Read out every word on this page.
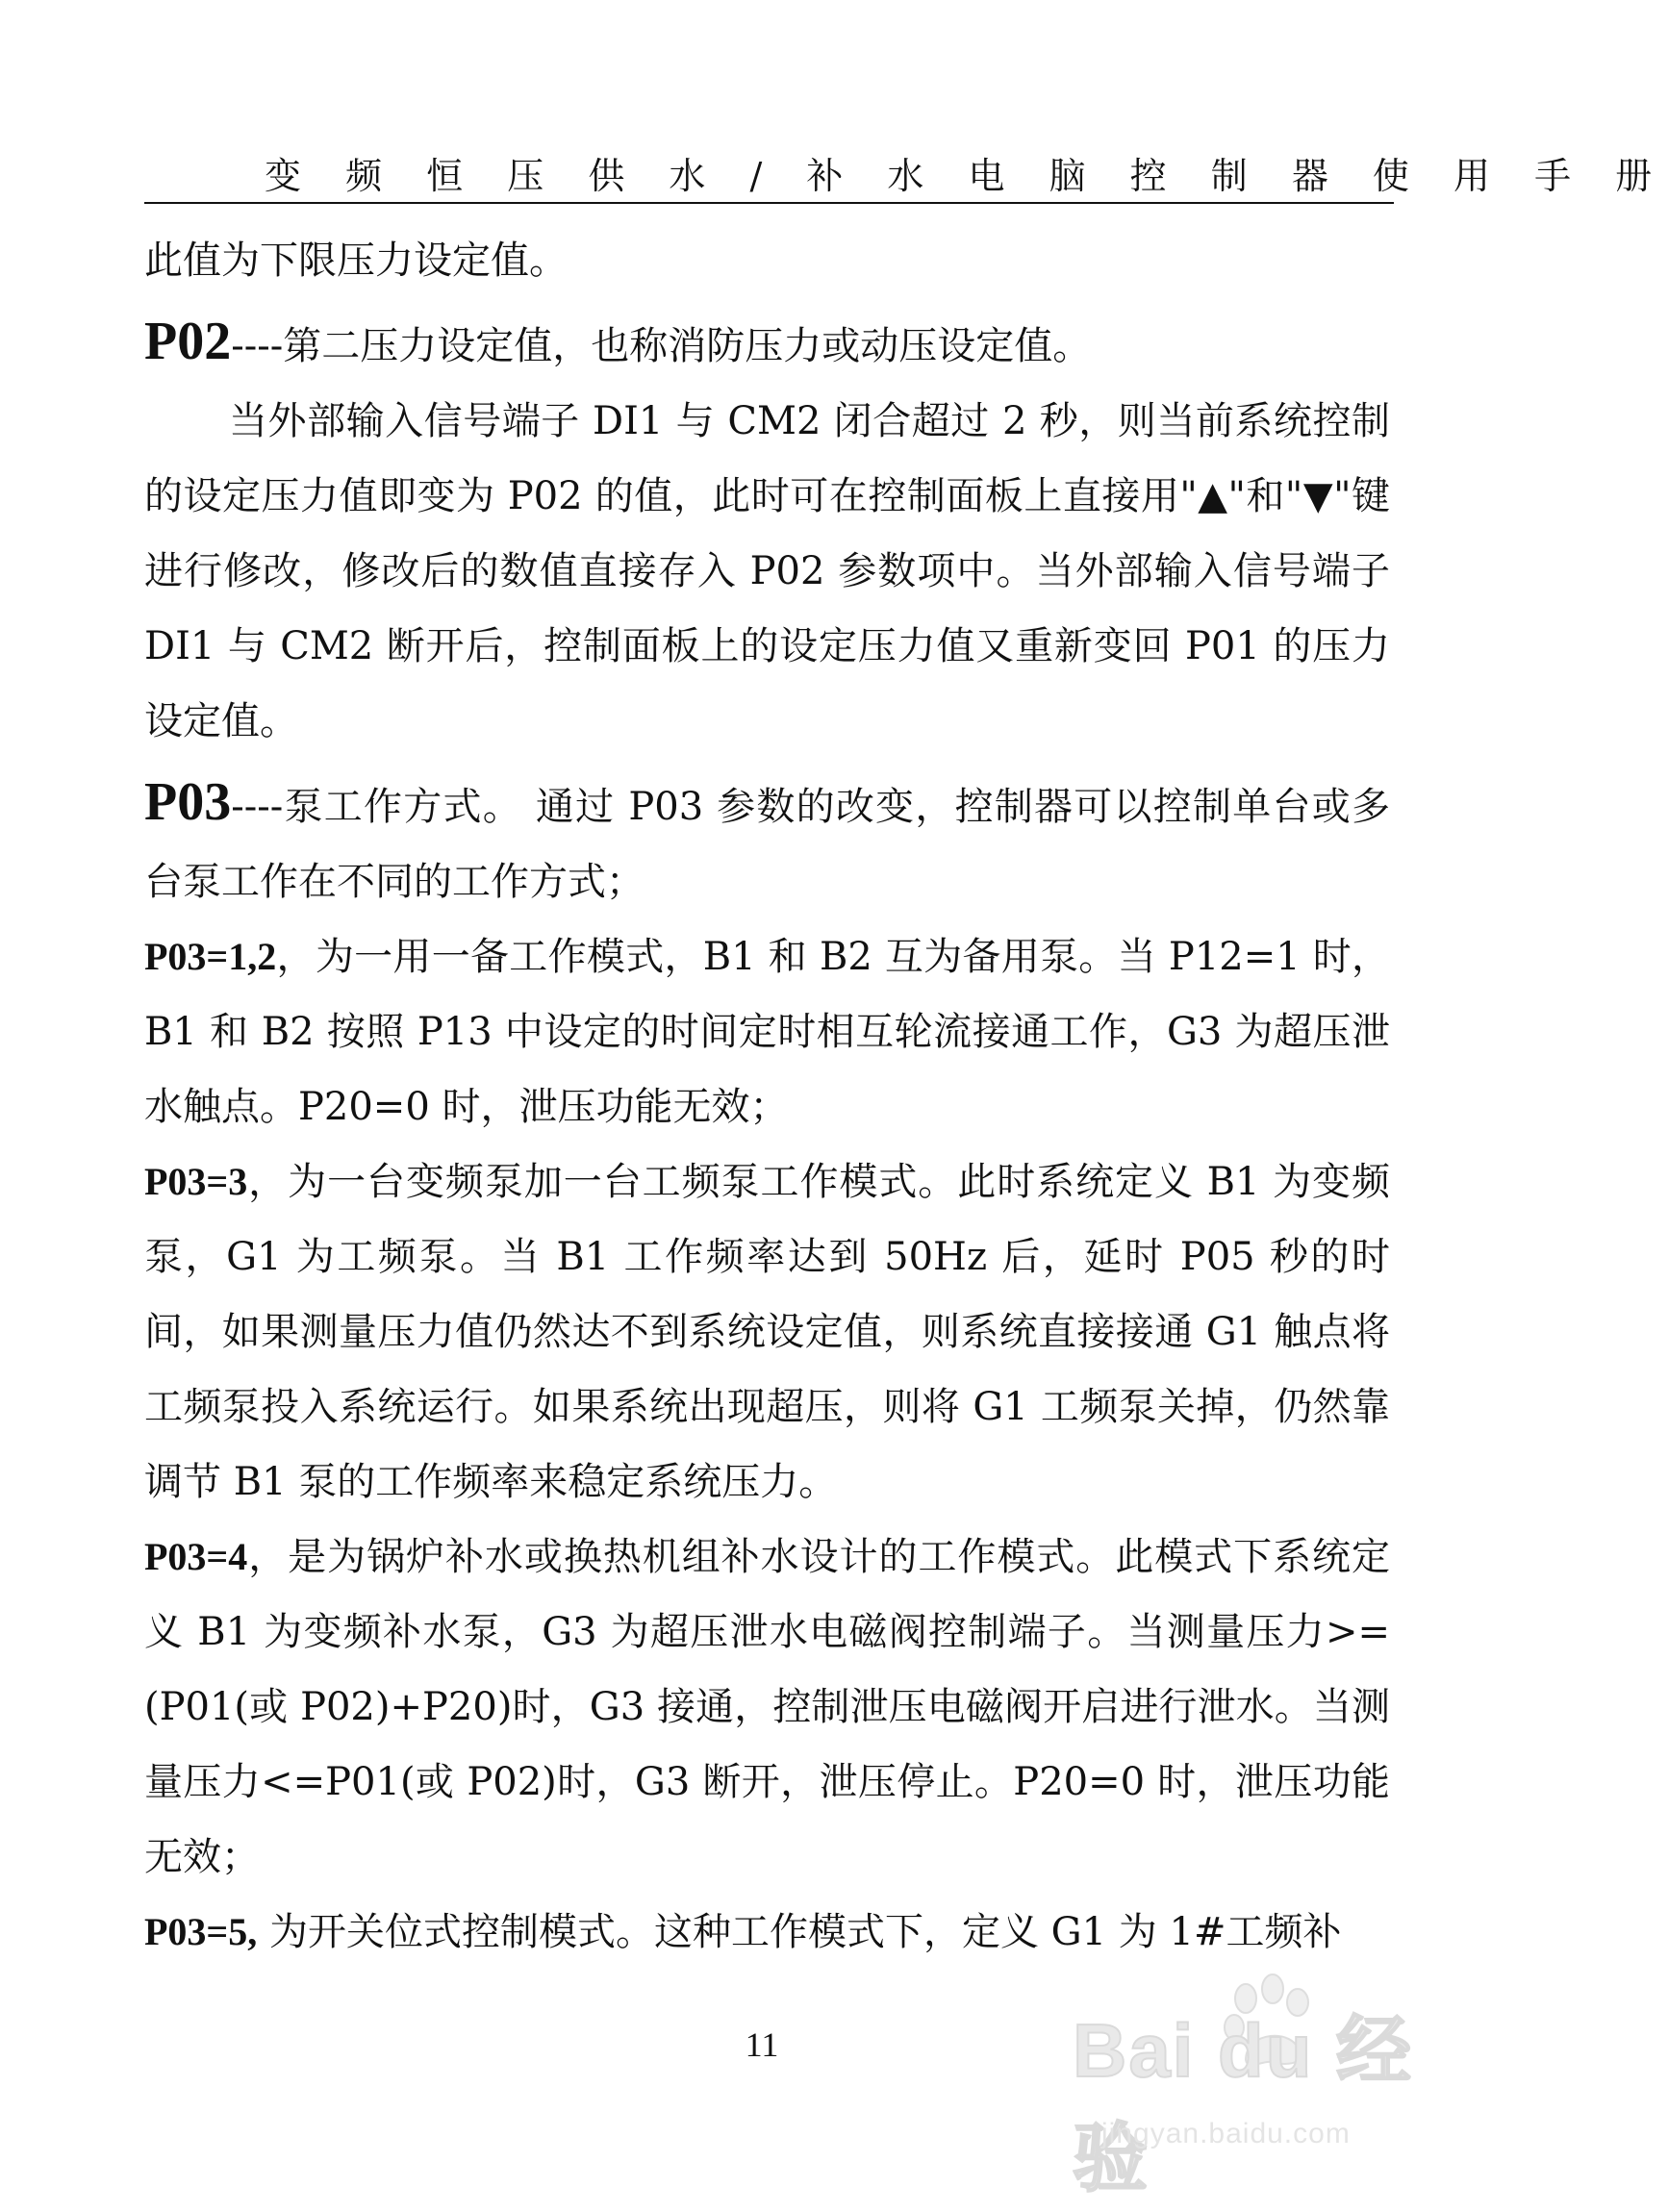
变 频 恒 压 供 水 / 补 水 电 脑 控 制 器 使 用 手 册

此值为下限压力设定值。

P02----第二压力设定值，也称消防压力或动压设定值。

当外部输入信号端子 DI1 与 CM2 闭合超过 2 秒，则当前系统控制的设定压力值即变为 P02 的值，此时可在控制面板上直接用"▲"和"▼"键进行修改，修改后的数值直接存入 P02 参数项中。当外部输入信号端子 DI1 与 CM2 断开后，控制面板上的设定压力值又重新变回 P01 的压力设定值。

P03----泵工作方式。 通过 P03 参数的改变，控制器可以控制单台或多台泵工作在不同的工作方式；

P03=1,2，为一用一备工作模式，B1 和 B2 互为备用泵。当 P12=1 时，B1 和 B2 按照 P13 中设定的时间定时相互轮流接通工作，G3 为超压泄水触点。P20=0 时，泄压功能无效；

P03=3，为一台变频泵加一台工频泵工作模式。此时系统定义 B1 为变频泵，G1 为工频泵。当 B1 工作频率达到 50Hz 后，延时 P05 秒的时间，如果测量压力值仍然达不到系统设定值，则系统直接接通 G1 触点将工频泵投入系统运行。如果系统出现超压，则将 G1 工频泵关掉，仍然靠调节 B1 泵的工作频率来稳定系统压力。

P03=4，是为锅炉补水或换热机组补水设计的工作模式。此模式下系统定义 B1 为变频补水泵，G3 为超压泄水电磁阀控制端子。当测量压力>=(P01(或 P02)+P20)时，G3 接通，控制泄压电磁阀开启进行泄水。当测量压力<=P01(或 P02)时，G3 断开，泄压停止。P20=0 时，泄压功能无效；

P03=5, 为开关位式控制模式。这种工作模式下，定义 G1 为 1#工频补

11	Bai du 经验
jingyan.baidu.com
